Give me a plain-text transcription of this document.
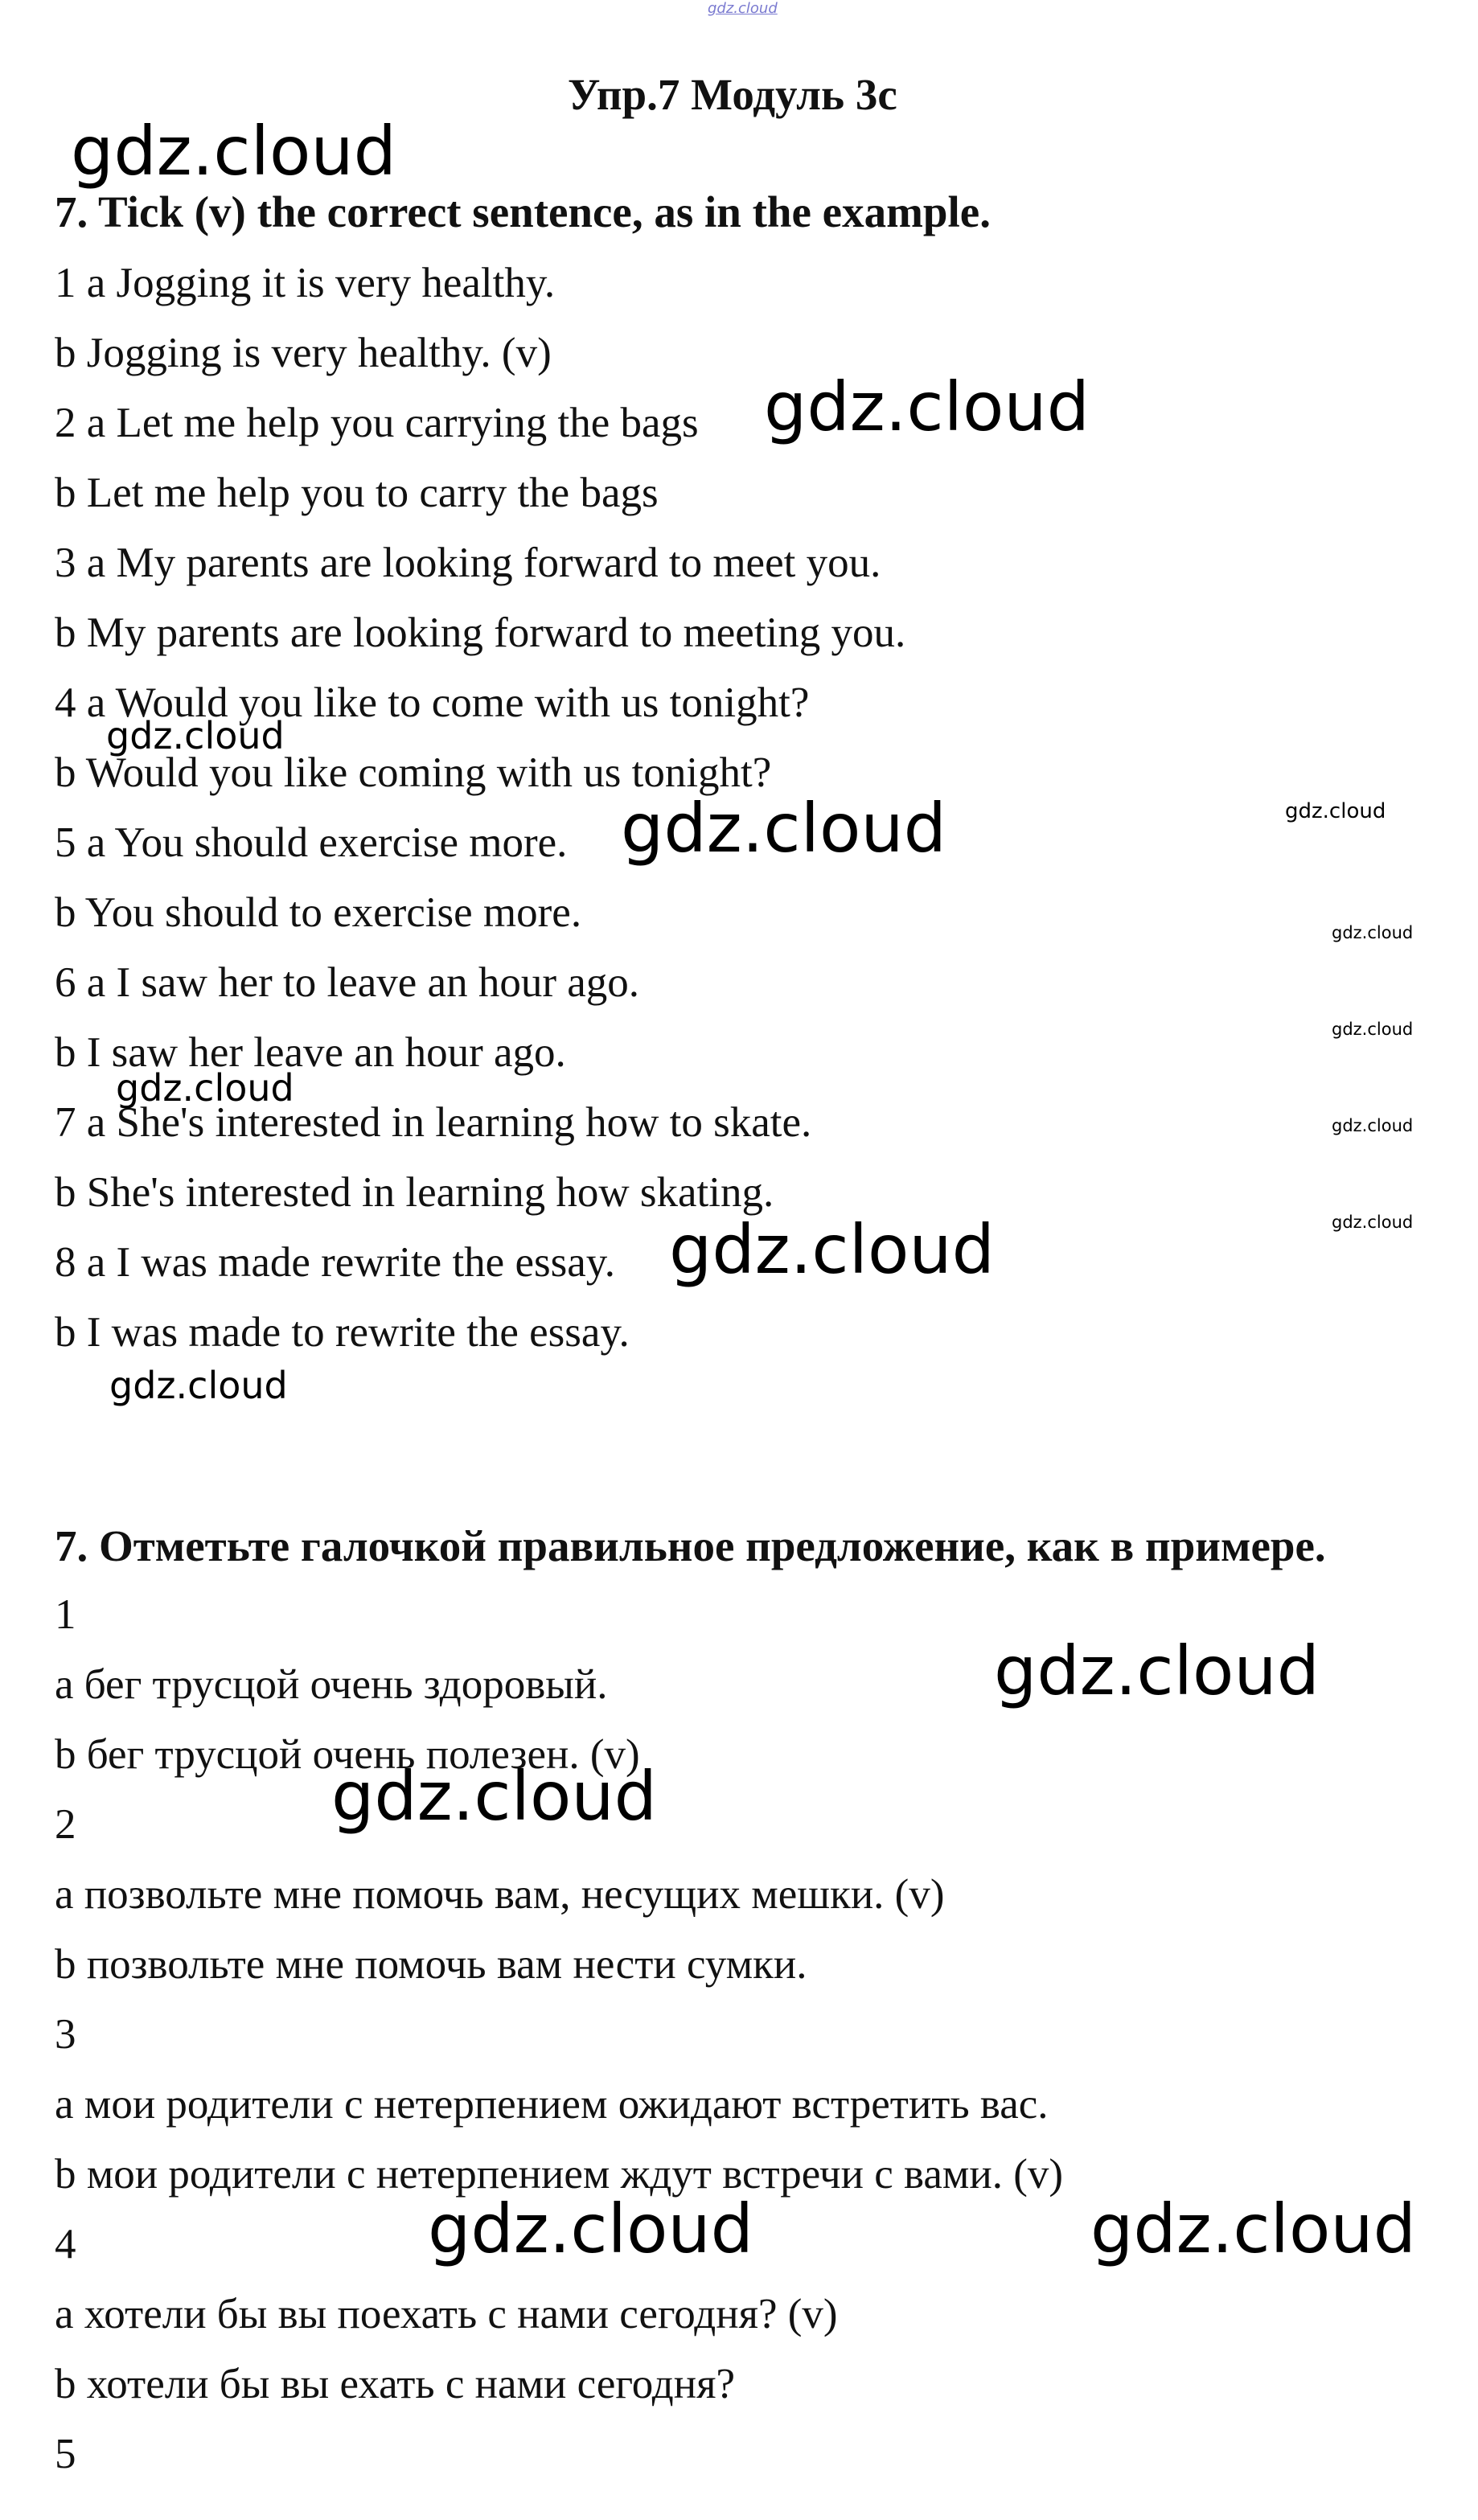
gdz.cloud

Упр.7 Модуль 3с

7. Tick (v) the correct sentence, as in the example.

1 a Jogging it is very healthy.

b Jogging is very healthy. (v)

2 a Let me help you carrying the bags

b Let me help you to carry the bags

3 a My parents are looking forward to meet you.

b My parents are looking forward to meeting you.

4 a Would you like to come with us tonight?

b Would you like coming with us tonight?

5 a You should exercise more.

b You should to exercise more.

6 a I saw her to leave an hour ago.

b I saw her leave an hour ago.

7 a She's interested in learning how to skate.

b She's interested in learning how skating.

8 a I was made rewrite the essay.

b I was made to rewrite the essay.

7. Отметьте галочкой правильное предложение, как в примере.

1

a бег трусцой очень здоровый.

b бег трусцой очень полезен. (v)

2

a позвольте мне помочь вам, несущих мешки. (v)

b позвольте мне помочь вам нести сумки.

3

a мои родители с нетерпением ожидают встретить вас.

b мои родители с нетерпением ждут встречи с вами. (v)

4

a хотели бы вы поехать с нами сегодня? (v)

b хотели бы вы ехать с нами сегодня?

5

gdz.cloud

gdz.cloud

gdz.cloud

gdz.cloud	gdz.cloud

gdz.cloud

gdz.cloud

gdz.cloud

gdz.cloud

gdz.cloud

gdz.cloud

gdz.cloud

gdz.cloud

gdz.cloud

gdz.cloud	gdz.cloud
